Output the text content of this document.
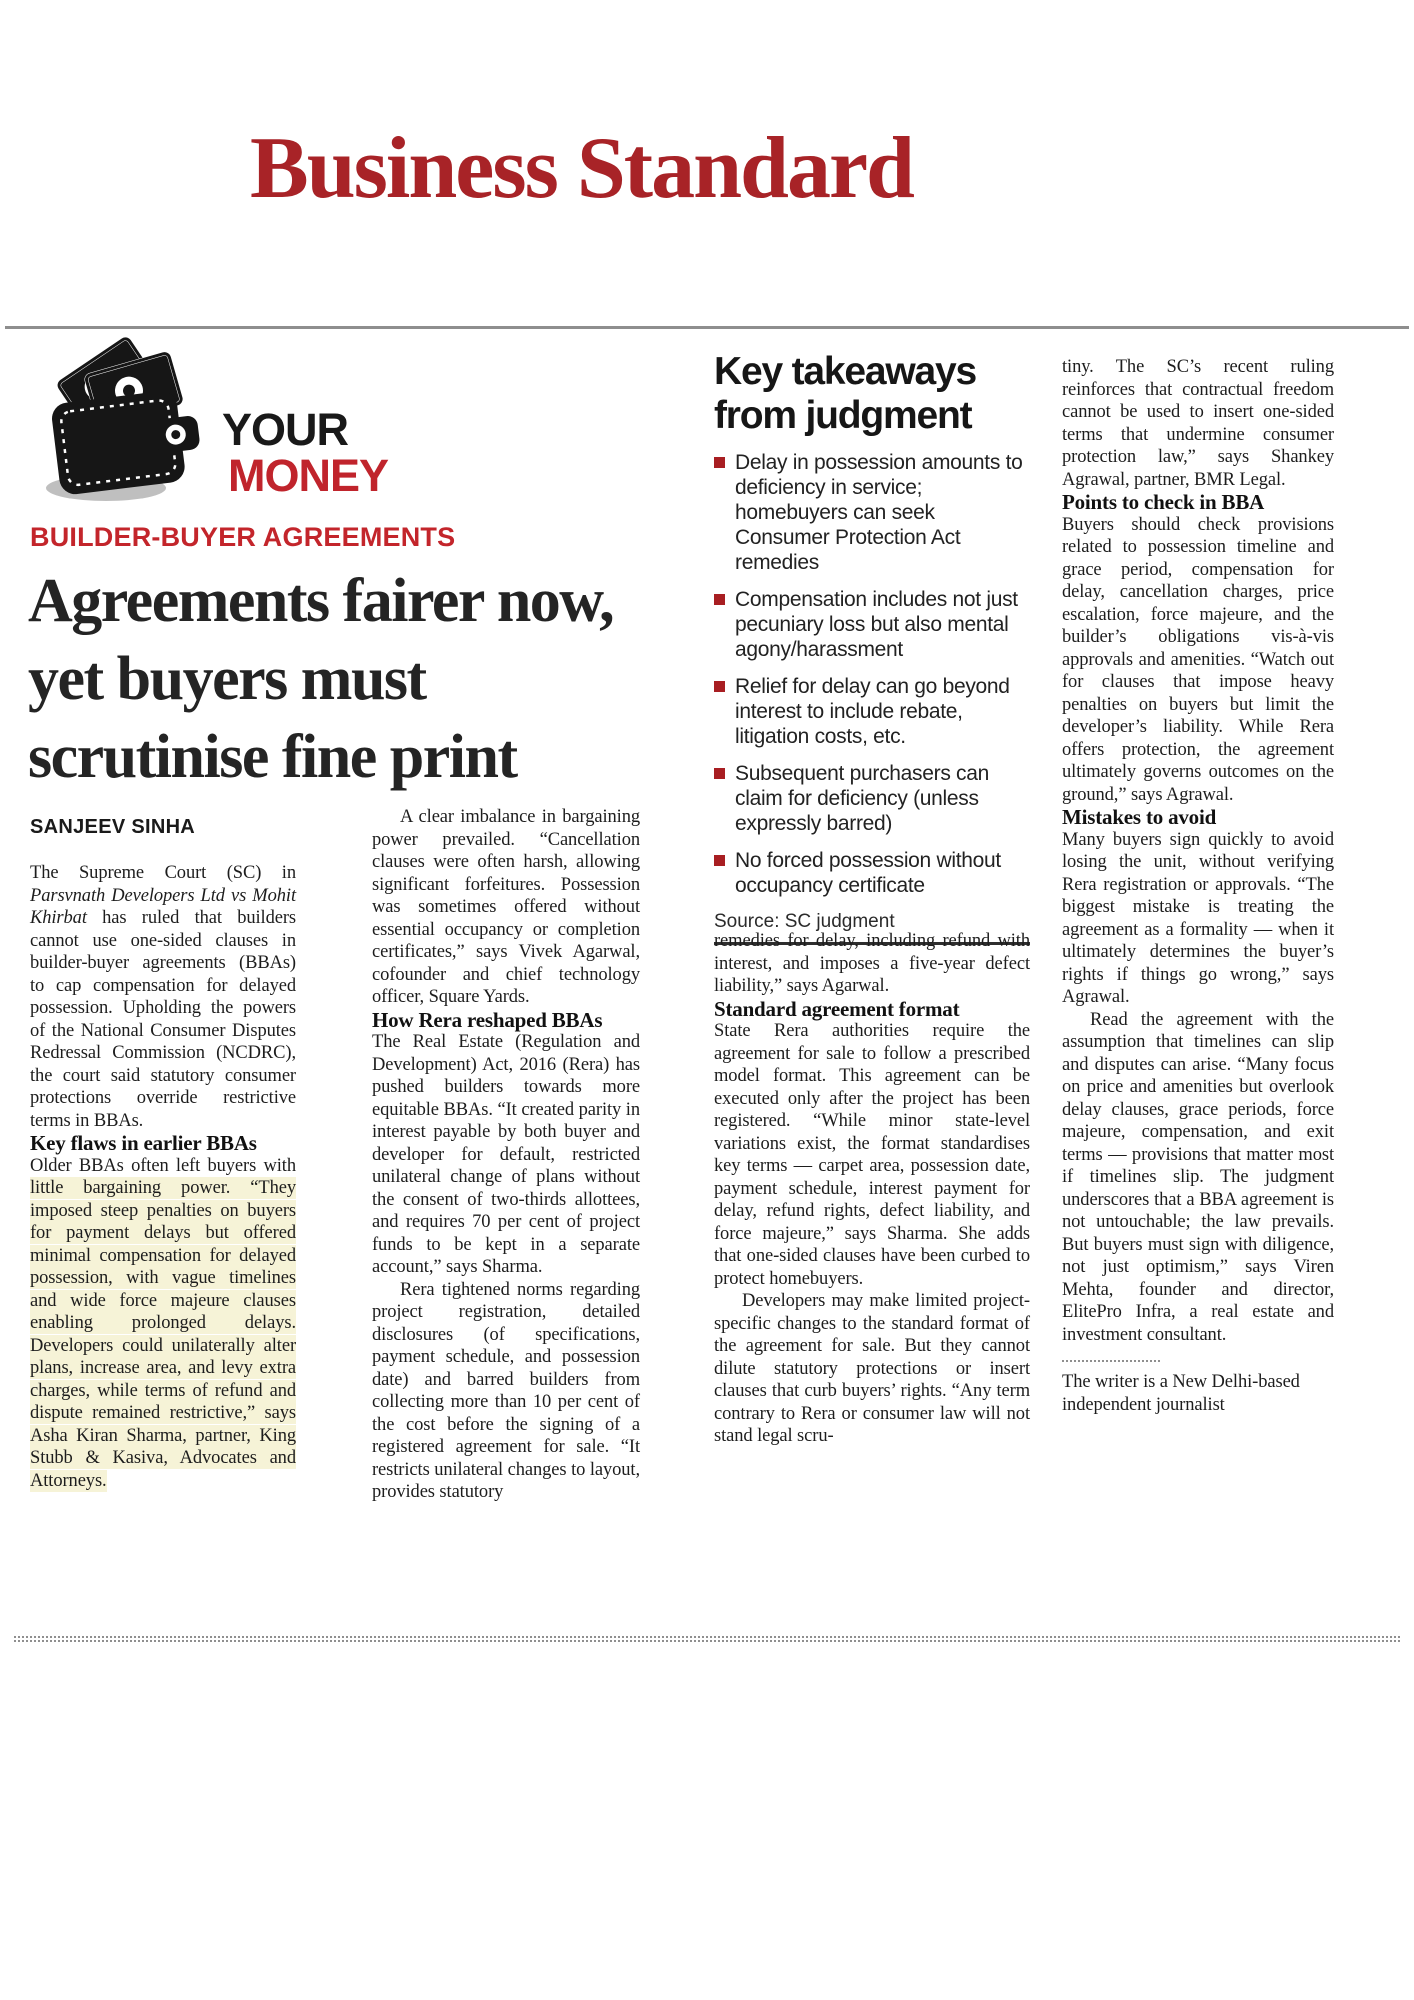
Business Standard
YOUR
MONEY
BUILDER-BUYER AGREEMENTS
Agreements fairer now, yet buyers must scrutinise fine print
SANJEEV SINHA

The Supreme Court (SC) in Parsvnath Developers Ltd vs Mohit Khirbat has ruled that builders cannot use one-sided clauses in builder-buyer agreements (BBAs) to cap compensation for delayed possession. Upholding the powers of the National Consumer Disputes Redressal Commission (NCDRC), the court said statutory consumer protections override restrictive terms in BBAs.

Key flaws in earlier BBAs

Older BBAs often left buyers with little bargaining power. “They imposed steep penalties on buyers for payment delays but offered minimal compensation for delayed possession, with vague timelines and wide force majeure clauses enabling prolonged delays. Developers could unilaterally alter plans, increase area, and levy extra charges, while terms of refund and dispute remained restrictive,” says Asha Kiran Sharma, partner, King Stubb & Kasiva, Advocates and Attorneys.

A clear imbalance in bargaining power prevailed. “Cancellation clauses were often harsh, allowing significant forfeitures. Possession was sometimes offered without essential occupancy or completion certificates,” says Vivek Agarwal, cofounder and chief technology officer, Square Yards.

How Rera reshaped BBAs

The Real Estate (Regulation and Development) Act, 2016 (Rera) has pushed builders towards more equitable BBAs. “It created parity in interest payable by both buyer and developer for default, restricted unilateral change of plans without the consent of two-thirds allottees, and requires 70 per cent of project funds to be kept in a separate account,” says Sharma.

Rera tightened norms regarding project registration, detailed disclosures (of specifications, payment schedule, and possession date) and barred builders from collecting more than 10 per cent of the cost before the signing of a registered agreement for sale. “It restricts unilateral changes to layout, provides statutory

Key takeaways from judgment
Delay in possession amounts to deficiency in service; homebuyers can seek Consumer Protection Act remedies
Compensation includes not just pecuniary loss but also mental agony/harassment
Relief for delay can go beyond interest to include rebate, litigation costs, etc.
Subsequent purchasers can claim for deficiency (unless expressly barred)
No forced possession without occupancy certificate
Source: SC judgment

remedies for delay, including refund with interest, and imposes a five-year defect liability,” says Agarwal.

Standard agreement format

State Rera authorities require the agreement for sale to follow a prescribed model format. This agreement can be executed only after the project has been registered. “While minor state-level variations exist, the format standardises key terms — carpet area, possession date, payment schedule, interest payment for delay, refund rights, defect liability, and force majeure,” says Sharma. She adds that one-sided clauses have been curbed to protect homebuyers.

Developers may make limited project-specific changes to the standard format of the agreement for sale. But they cannot dilute statutory protections or insert clauses that curb buyers’ rights. “Any term contrary to Rera or consumer law will not stand legal scru-

tiny. The SC’s recent ruling reinforces that contractual freedom cannot be used to insert one-sided terms that undermine consumer protection law,” says Shankey Agrawal, partner, BMR Legal.

Points to check in BBA

Buyers should check provisions related to possession timeline and grace period, compensation for delay, cancellation charges, price escalation, force majeure, and the builder’s obligations vis-à-vis approvals and amenities. “Watch out for clauses that impose heavy penalties on buyers but limit the developer’s liability. While Rera offers protection, the agreement ultimately governs outcomes on the ground,” says Agrawal.

Mistakes to avoid

Many buyers sign quickly to avoid losing the unit, without verifying Rera registration or approvals. “The biggest mistake is treating the agreement as a formality — when it ultimately determines the buyer’s rights if things go wrong,” says Agrawal.

Read the agreement with the assumption that timelines can slip and disputes can arise. “Many focus on price and amenities but overlook delay clauses, grace periods, force majeure, compensation, and exit terms — provisions that matter most if timelines slip. The judgment underscores that a BBA agreement is not untouchable; the law prevails. But buyers must sign with diligence, not just optimism,” says Viren Mehta, founder and director, ElitePro Infra, a real estate and investment consultant.

The writer is a New Delhi-based independent journalist
